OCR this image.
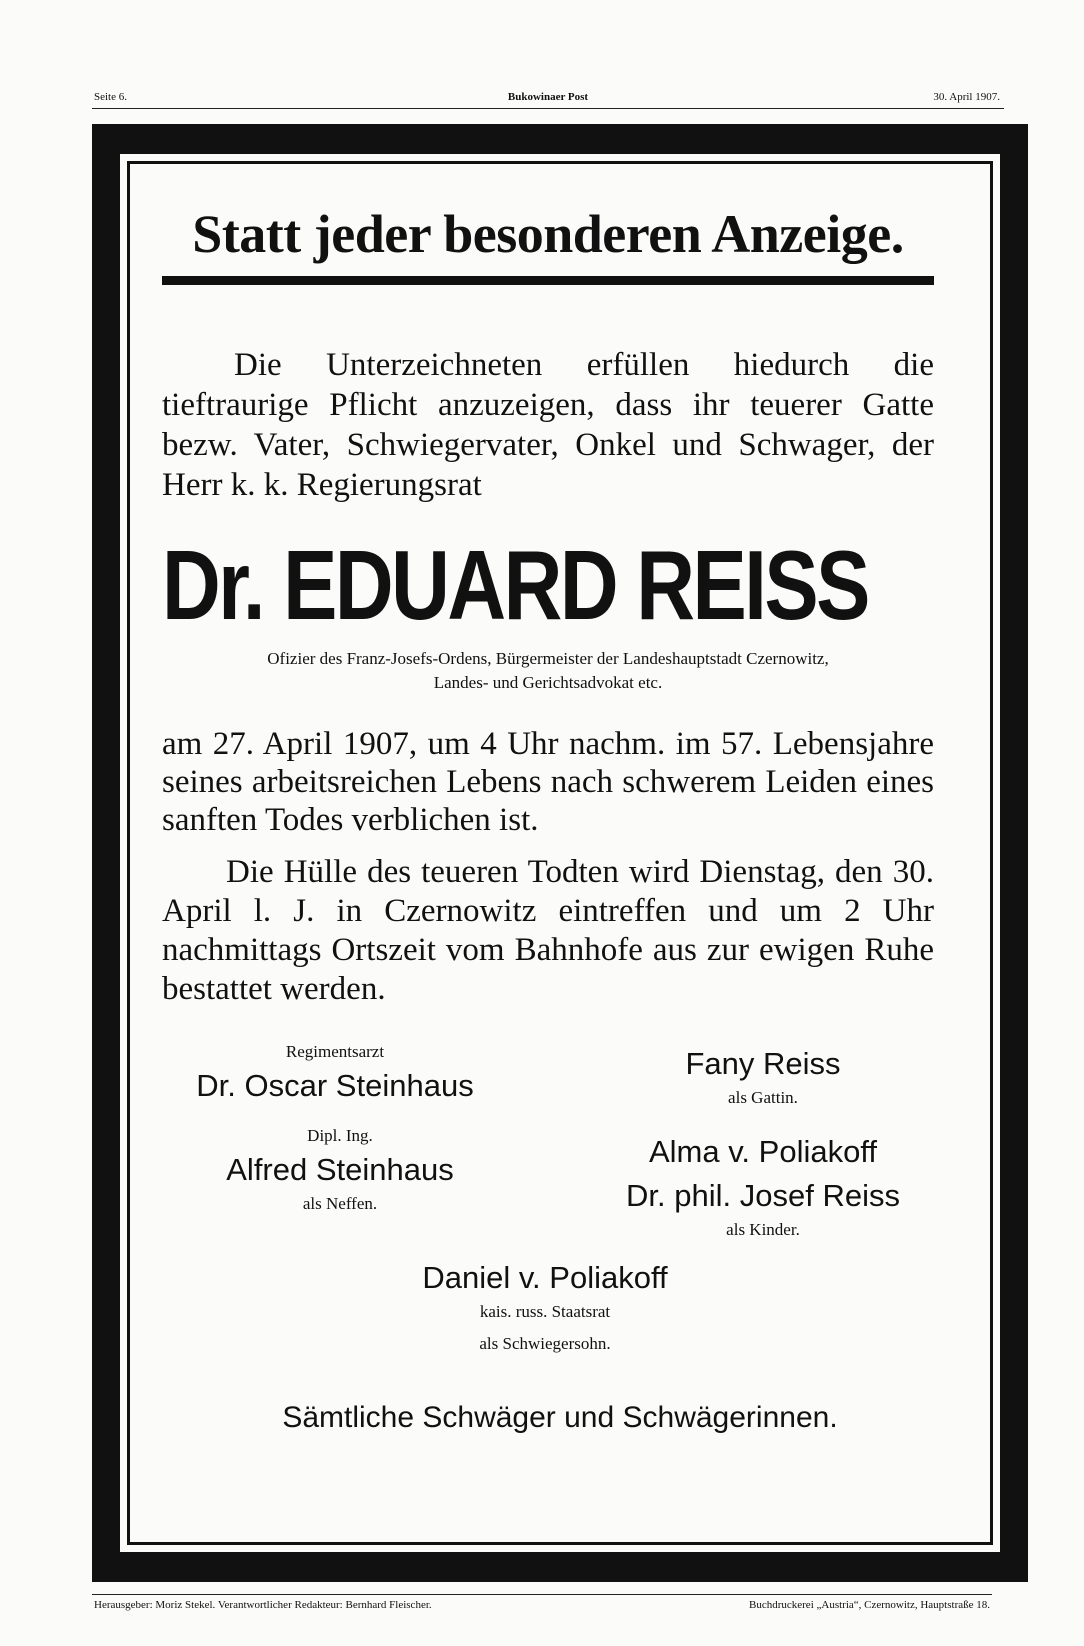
Seite 6.	Bukowinaer Post	30. April 1907.
Statt jeder besonderen Anzeige.

Die Unterzeichneten erfüllen hiedurch die tieftraurige Pflicht anzuzeigen, dass ihr teuerer Gatte bezw. Vater, Schwiegervater, Onkel und Schwager, der Herr k. k. Regierungsrat

Dr. EDUARD REISS

Ofizier des Franz-Josefs-Ordens, Bürgermeister der Landeshauptstadt Czernowitz,
Landes- und Gerichtsadvokat etc.

am 27. April 1907, um 4 Uhr nachm. im 57. Lebensjahre seines arbeitsreichen Lebens nach schwerem Leiden eines sanften Todes verblichen ist.

Die Hülle des teueren Todten wird Dienstag, den 30. April l. J. in Czernowitz eintreffen und um 2 Uhr nachmittags Ortszeit vom Bahnhofe aus zur ewigen Ruhe bestattet werden.

Regimentsarzt
Dr. Oscar Steinhaus
Dipl. Ing.
Alfred Steinhaus
als Neffen.
Fany Reiss
als Gattin.
Alma v. Poliakoff
Dr. phil. Josef Reiss
als Kinder.
Daniel v. Poliakoff
kais. russ. Staatsrat
als Schwiegersohn.
Sämtliche Schwäger und Schwägerinnen.
Herausgeber: Moriz Stekel. Verantwortlicher Redakteur: Bernhard Fleischer.	Buchdruckerei „Austria“, Czernowitz, Hauptstraße 18.
